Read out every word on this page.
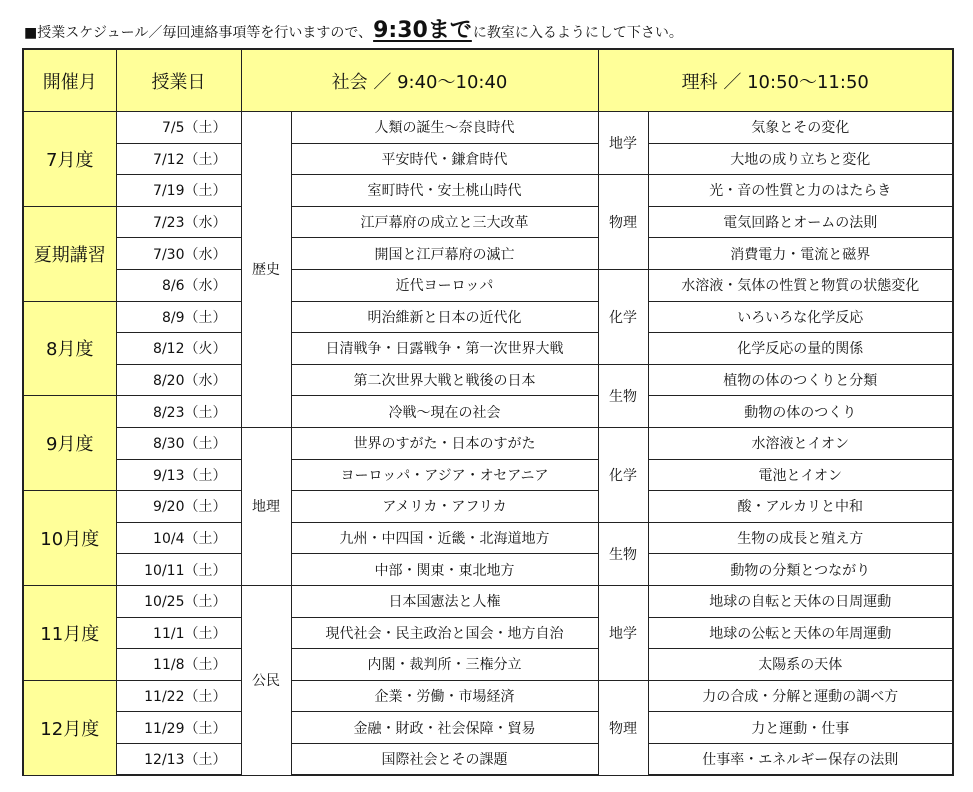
■授業スケジュール／毎回連絡事項等を行いますので、9:30までに教室に入るようにして下さい。
開催月	授業日	社会 ／ 9:40〜10:40		理科 ／ 10:50〜11:50	
7月度	7/5（土）	歴史	人類の誕生〜奈良時代	地学	気象とその変化
	7/12（土）		平安時代・鎌倉時代		大地の成り立ちと変化
	7/19（土）		室町時代・安土桃山時代	物理	光・音の性質と力のはたらき
夏期講習	7/23（水）		江戸幕府の成立と三大改革		電気回路とオームの法則
	7/30（水）		開国と江戸幕府の滅亡		消費電力・電流と磁界
	8/6（水）		近代ヨーロッパ	化学	水溶液・気体の性質と物質の状態変化
8月度	8/9（土）		明治維新と日本の近代化		いろいろな化学反応
	8/12（火）		日清戦争・日露戦争・第一次世界大戦		化学反応の量的関係
	8/20（水）		第二次世界大戦と戦後の日本	生物	植物の体のつくりと分類
9月度	8/23（土）		冷戦〜現在の社会		動物の体のつくり
	8/30（土）	地理	世界のすがた・日本のすがた	化学	水溶液とイオン
	9/13（土）		ヨーロッパ・アジア・オセアニア		電池とイオン
10月度	9/20（土）		アメリカ・アフリカ		酸・アルカリと中和
	10/4（土）		九州・中四国・近畿・北海道地方	生物	生物の成長と殖え方
	10/11（土）		中部・関東・東北地方		動物の分類とつながり
11月度	10/25（土）	公民	日本国憲法と人権	地学	地球の自転と天体の日周運動
	11/1（土）		現代社会・民主政治と国会・地方自治		地球の公転と天体の年周運動
	11/8（土）		内閣・裁判所・三権分立		太陽系の天体
12月度	11/22（土）		企業・労働・市場経済	物理	力の合成・分解と運動の調べ方
	11/29（土）		金融・財政・社会保障・貿易		力と運動・仕事
	12/13（土）		国際社会とその課題		仕事率・エネルギー保存の法則
